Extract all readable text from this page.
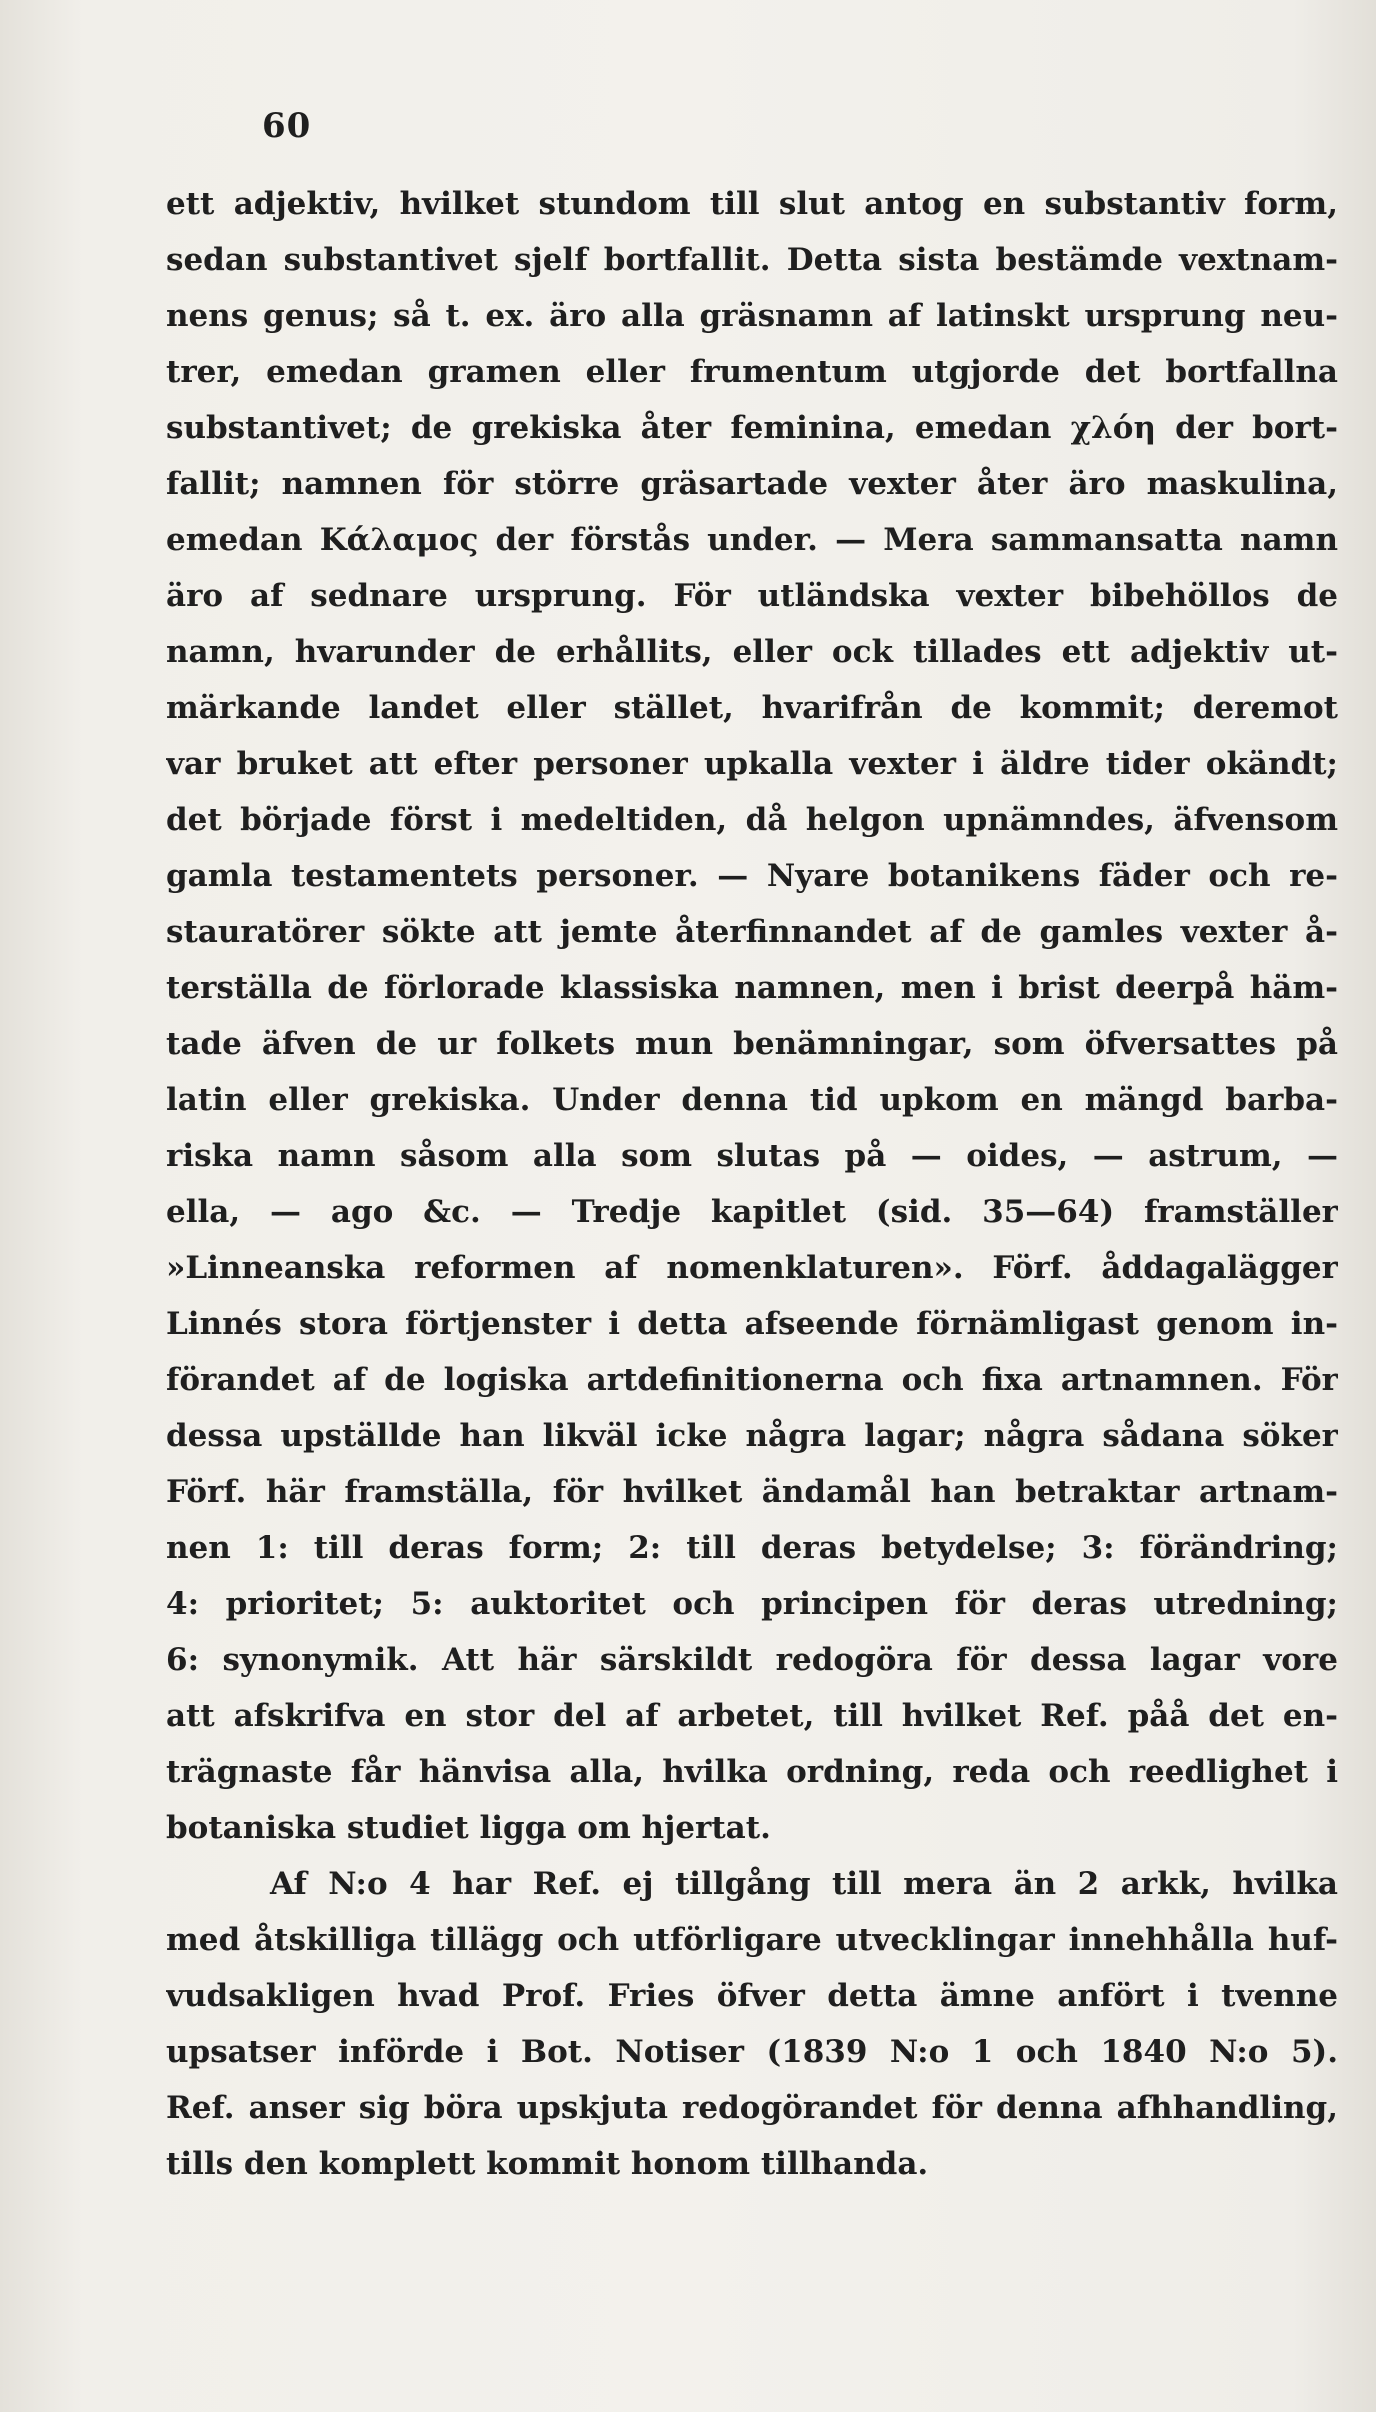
60
ett adjektiv, hvilket stundom till slut antog en substantiv form,
sedan substantivet sjelf bortfallit. Detta sista bestämde vextnam-
nens genus; så t. ex. äro alla gräsnamn af latinskt ursprung neu-
trer, emedan gramen eller frumentum utgjorde det bortfallna
substantivet; de grekiska åter feminina, emedan χλόη der bort-
fallit; namnen för större gräsartade vexter åter äro maskulina,
emedan Κάλαμος der förstås under. — Mera sammansatta namn
äro af sednare ursprung. För utländska vexter bibehöllos de
namn, hvarunder de erhållits, eller ock tillades ett adjektiv ut-
märkande landet eller stället, hvarifrån de kommit; deremot
var bruket att efter personer upkalla vexter i äldre tider okändt;
det började först i medeltiden, då helgon upnämndes, äfvensom
gamla testamentets personer. — Nyare botanikens fäder och re-
stauratörer sökte att jemte återfinnandet af de gamles vexter å-
terställa de förlorade klassiska namnen, men i brist deerpå häm-
tade äfven de ur folkets mun benämningar, som öfversattes på
latin eller grekiska. Under denna tid upkom en mängd barba-
riska namn såsom alla som slutas på — oides, — astrum, —
ella, — ago &c. — Tredje kapitlet (sid. 35—64) framställer
»Linneanska reformen af nomenklaturen». Förf. åddagalägger
Linnés stora förtjenster i detta afseende förnämligast genom in-
förandet af de logiska artdefinitionerna och fixa artnamnen. För
dessa upställde han likväl icke några lagar; några sådana söker
Förf. här framställa, för hvilket ändamål han betraktar artnam-
nen 1: till deras form; 2: till deras betydelse; 3: förändring;
4: prioritet; 5: auktoritet och principen för deras utredning;
6: synonymik. Att här särskildt redogöra för dessa lagar vore
att afskrifva en stor del af arbetet, till hvilket Ref. påå det en-
trägnaste får hänvisa alla, hvilka ordning, reda och reedlighet i
botaniska studiet ligga om hjertat.
Af N:o 4 har Ref. ej tillgång till mera än 2 arkk, hvilka
med åtskilliga tillägg och utförligare utvecklingar innehhålla huf-
vudsakligen hvad Prof. Fries öfver detta ämne anfört i tvenne
upsatser införde i Bot. Notiser (1839 N:o 1 och 1840 N:o 5).
Ref. anser sig böra upskjuta redogörandet för denna afhhandling,
tills den komplett kommit honom tillhanda.
